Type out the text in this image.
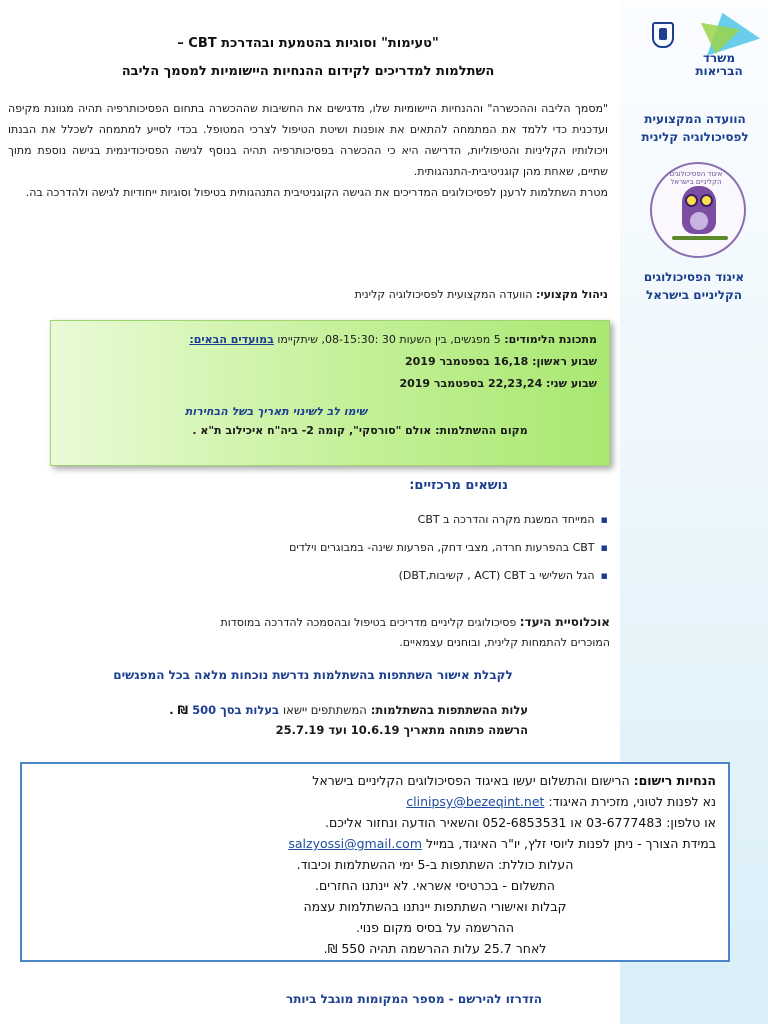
משרד הבריאות
הוועדה המקצועית לפסיכולוגיה קלינית
איגוד הפסיכולוגים הקליניים בישראל
איגוד הפסיכולוגים הקליניים בישראל
"טעימות" וסוגיות בהטמעת ובהדרכת CBT –
השתלמות למדריכים לקידום ההנחיות היישומיות למסמך הליבה

"מסמך הליבה וההכשרה" וההנחיות היישומיות שלו, מדגישים את החשיבות שההכשרה בתחום הפסיכותרפיה תהיה מגוונת מקיפה ועדכנית כדי ללמד את המתמחה להתאים את אופנות ושיטת הטיפול לצרכי המטופל. בכדי לסייע למתמחה לשכלל את הבנתו ויכולותיו הקליניות והטיפוליות, הדרישה היא כי ההכשרה בפסיכותרפיה תהיה בנוסף לגישה הפסיכודינמית בגישה נוספת מתוך שתיים, שאחת מהן קוגניטיבית-התנהגותית.

מטרת השתלמות לרענן לפסיכולוגים המדריכים את הגישה הקוגניטיבית התנהגותית בטיפול וסוגיות ייחודיות לגישה ולהדרכה בה.

ניהול מקצועי: הוועדה המקצועית לפסיכולוגיה קלינית
מתכונת הלימודים: 5 מפגשים, בין השעות 30 :08-15:30, שיתקיימו במועדים הבאים:
שבוע ראשון: 16,18 בספטמבר 2019
שבוע שני: 22,23,24 בספטמבר 2019
שימו לב לשינוי תאריך בשל הבחירות
מקום ההשתלמות: אולם "סורסקי", קומה 2- ביה"ח איכילוב ת"א .
נושאים מרכזיים:
▪ המייחד המשגת מקרה והדרכה ב CBT
▪ CBT בהפרעות חרדה, מצבי דחק, הפרעות שינה- במבוגרים וילדים
▪ הגל השלישי ב CBT (ACT , קשיבות,DBT)
אוכלוסיית היעד: פסיכולוגים קליניים מדריכים בטיפול ובהסמכה להדרכה במוסדות
המוכרים להתמחות קלינית, ובוחנים עצמאיים.
לקבלת אישור השתתפות בהשתלמות נדרשת נוכחות מלאה בכל המפגשים
עלות ההשתתפות בהשתלמות: המשתתפים יישאו בעלות בסך 500 ₪ .
הרשמה פתוחה מתאריך 10.6.19 ועד 25.7.19
הנחיות רישום: הרישום והתשלום יעשו באיגוד הפסיכולוגים הקליניים בישראל
נא לפנות לטוני, מזכירת האיגוד: clinipsy@bezeqint.net
או טלפון: 03-6777483 או 052-6853531 והשאיר הודעה ונחזור אליכם.
במידת הצורך - ניתן לפנות ליוסי זלץ, יו"ר האיגוד, במייל salzyossi@gmail.com
העלות כוללת: השתתפות ב-5 ימי ההשתלמות וכיבוד.
התשלום - בכרטיסי אשראי. לא יינתנו החזרים.
קבלות ואישורי השתתפות יינתנו בהשתלמות עצמה
ההרשמה על בסיס מקום פנוי.
לאחר 25.7 עלות ההרשמה תהיה 550 ₪.
הזדרזו להירשם - מספר המקומות מוגבל ביותר
